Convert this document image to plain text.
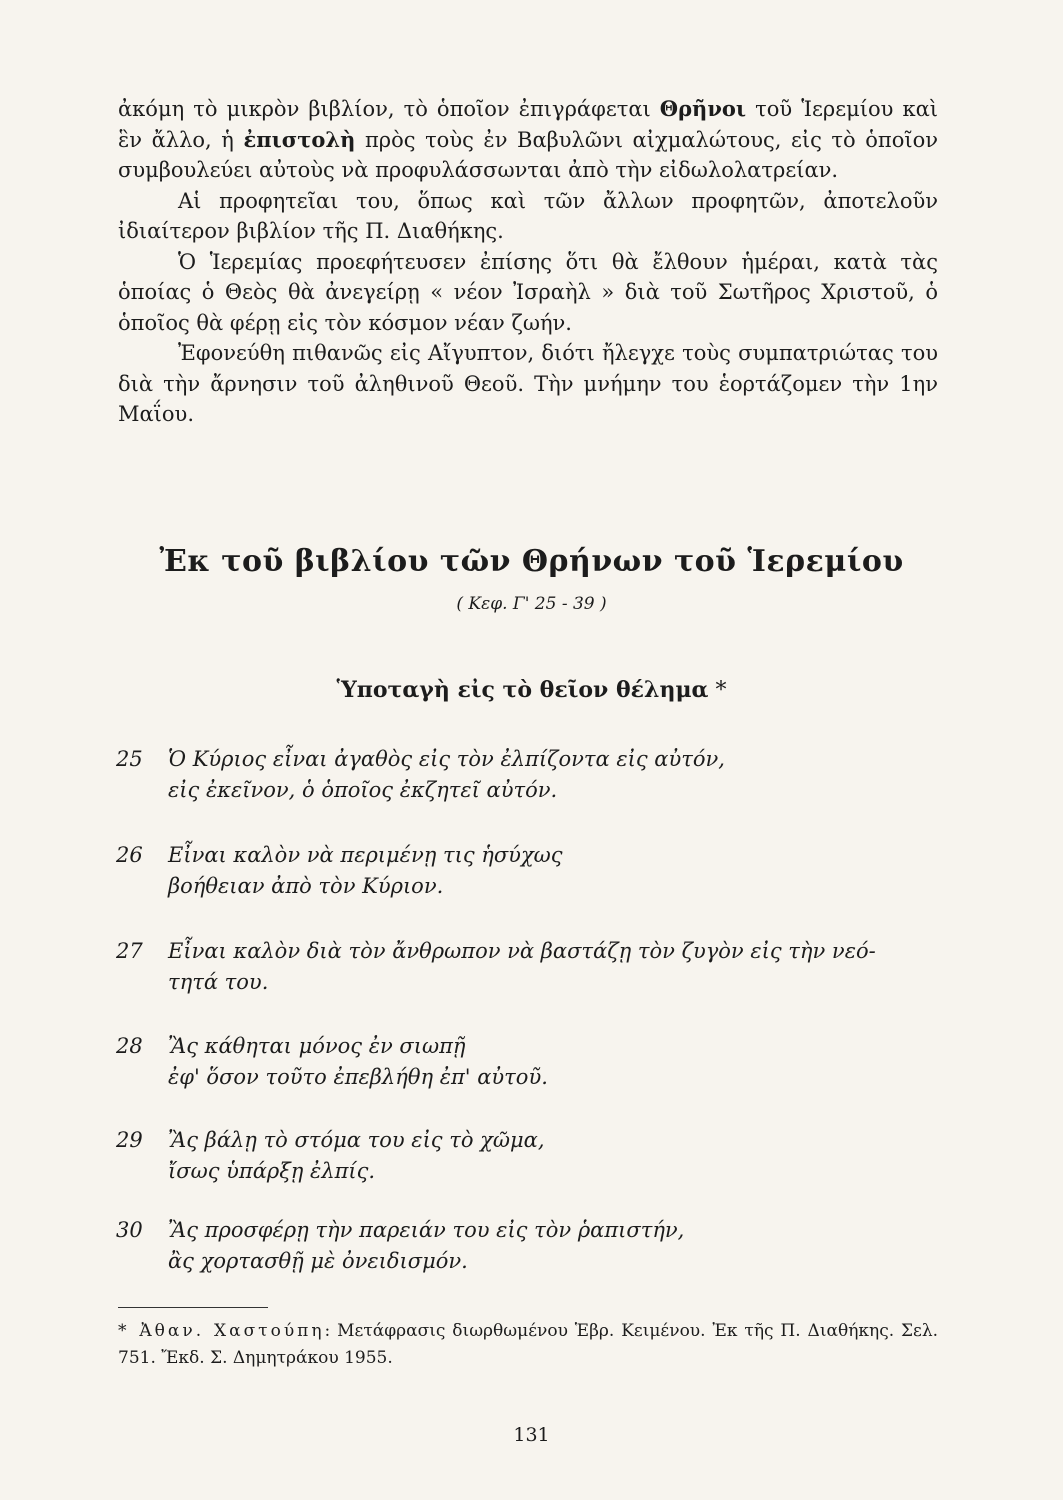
ἀκόμη τὸ μικρὸν βιβλίον, τὸ ὁποῖον ἐπιγράφεται Θρῆνοι τοῦ Ἱερεμίου καὶ ἓν ἄλλο, ἡ ἐπιστολὴ πρὸς τοὺς ἐν Βαβυλῶνι αἰχμαλώτους, εἰς τὸ ὁποῖον συμβουλεύει αὐτοὺς νὰ προφυλάσσωνται ἀπὸ τὴν εἰδωλολατρείαν.

Αἱ προφητεῖαι του, ὅπως καὶ τῶν ἄλλων προφητῶν, ἀποτελοῦν ἰδιαίτερον βιβλίον τῆς Π. Διαθήκης.

Ὁ Ἱερεμίας προεφήτευσεν ἐπίσης ὅτι θὰ ἔλθουν ἡμέραι, κατὰ τὰς ὁποίας ὁ Θεὸς θὰ ἀνεγείρῃ « νέον Ἰσραὴλ » διὰ τοῦ Σωτῆρος Χριστοῦ, ὁ ὁποῖος θὰ φέρῃ εἰς τὸν κόσμον νέαν ζωήν.

Ἐφονεύθη πιθανῶς εἰς Αἴγυπτον, διότι ἤλεγχε τοὺς συμπατριώτας του διὰ τὴν ἄρνησιν τοῦ ἀληθινοῦ Θεοῦ. Τὴν μνήμην του ἑορτάζομεν τὴν 1ην Μαΐου.

Ἐκ τοῦ βιβλίου τῶν Θρήνων τοῦ Ἱερεμίου
( Κεφ. Γ' 25 - 39 )
Ὑποταγὴ εἰς τὸ θεῖον θέλημα *
25	Ὁ Κύριος εἶναι ἀγαθὸς εἰς τὸν ἐλπίζοντα εἰς αὐτόν,
εἰς ἐκεῖνον, ὁ ὁποῖος ἐκζητεῖ αὐτόν.
26	Εἶναι καλὸν νὰ περιμένῃ τις ἡσύχως
βοήθειαν ἀπὸ τὸν Κύριον.
27	Εἶναι καλὸν διὰ τὸν ἄνθρωπον νὰ βαστάζῃ τὸν ζυγὸν εἰς τὴν νεό-
τητά του.
28	Ἂς κάθηται μόνος ἐν σιωπῇ
ἐφ' ὅσον τοῦτο ἐπεβλήθη ἐπ' αὐτοῦ.
29	Ἂς βάλῃ τὸ στόμα του εἰς τὸ χῶμα,
ἴσως ὑπάρξῃ ἐλπίς.
30	Ἂς προσφέρῃ τὴν παρειάν του εἰς τὸν ῥαπιστήν,
ἂς χορτασθῇ μὲ ὀνειδισμόν.
* Ἀθαν. Χαστούπη: Μετάφρασις διωρθωμένου Ἑβρ. Κειμένου. Ἐκ τῆς Π. Διαθήκης. Σελ. 751. Ἔκδ. Σ. Δημητράκου 1955.
131
